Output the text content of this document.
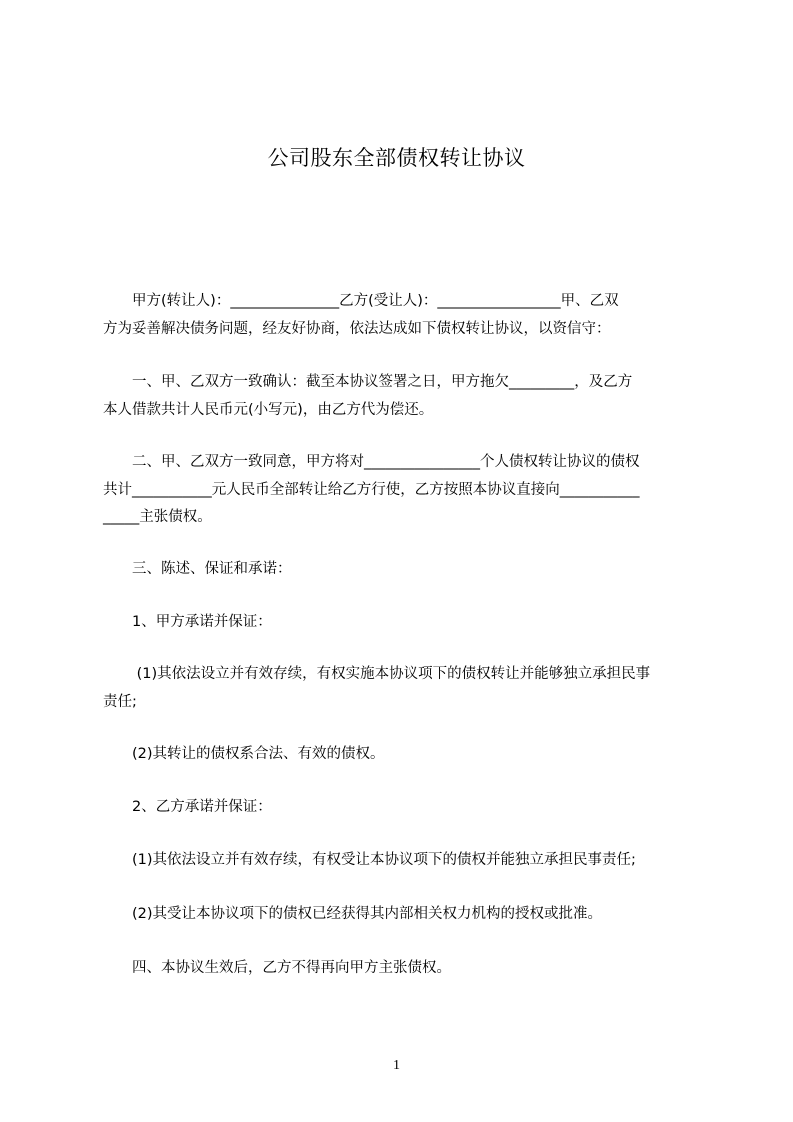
公司股东全部债权转让协议
　　甲方(转让人)：_______________乙方(受让人)：_________________甲、乙双
方为妥善解决债务问题，经友好协商，依法达成如下债权转让协议，以资信守：
　　一、甲、乙双方一致确认：截至本协议签署之日，甲方拖欠_________，及乙方
本人借款共计人民币元(小写元)，由乙方代为偿还。
　　二、甲、乙双方一致同意，甲方将对________________个人债权转让协议的债权
共计___________元人民币全部转让给乙方行使，乙方按照本协议直接向___________
_____主张债权。
　　三、陈述、保证和承诺：
　　1、甲方承诺并保证：
　　 (1)其依法设立并有效存续，有权实施本协议项下的债权转让并能够独立承担民事
责任;
　　(2)其转让的债权系合法、有效的债权。
　　2、乙方承诺并保证：
　　(1)其依法设立并有效存续，有权受让本协议项下的债权并能独立承担民事责任;
　　(2)其受让本协议项下的债权已经获得其内部相关权力机构的授权或批准。
　　四、本协议生效后，乙方不得再向甲方主张债权。
1
